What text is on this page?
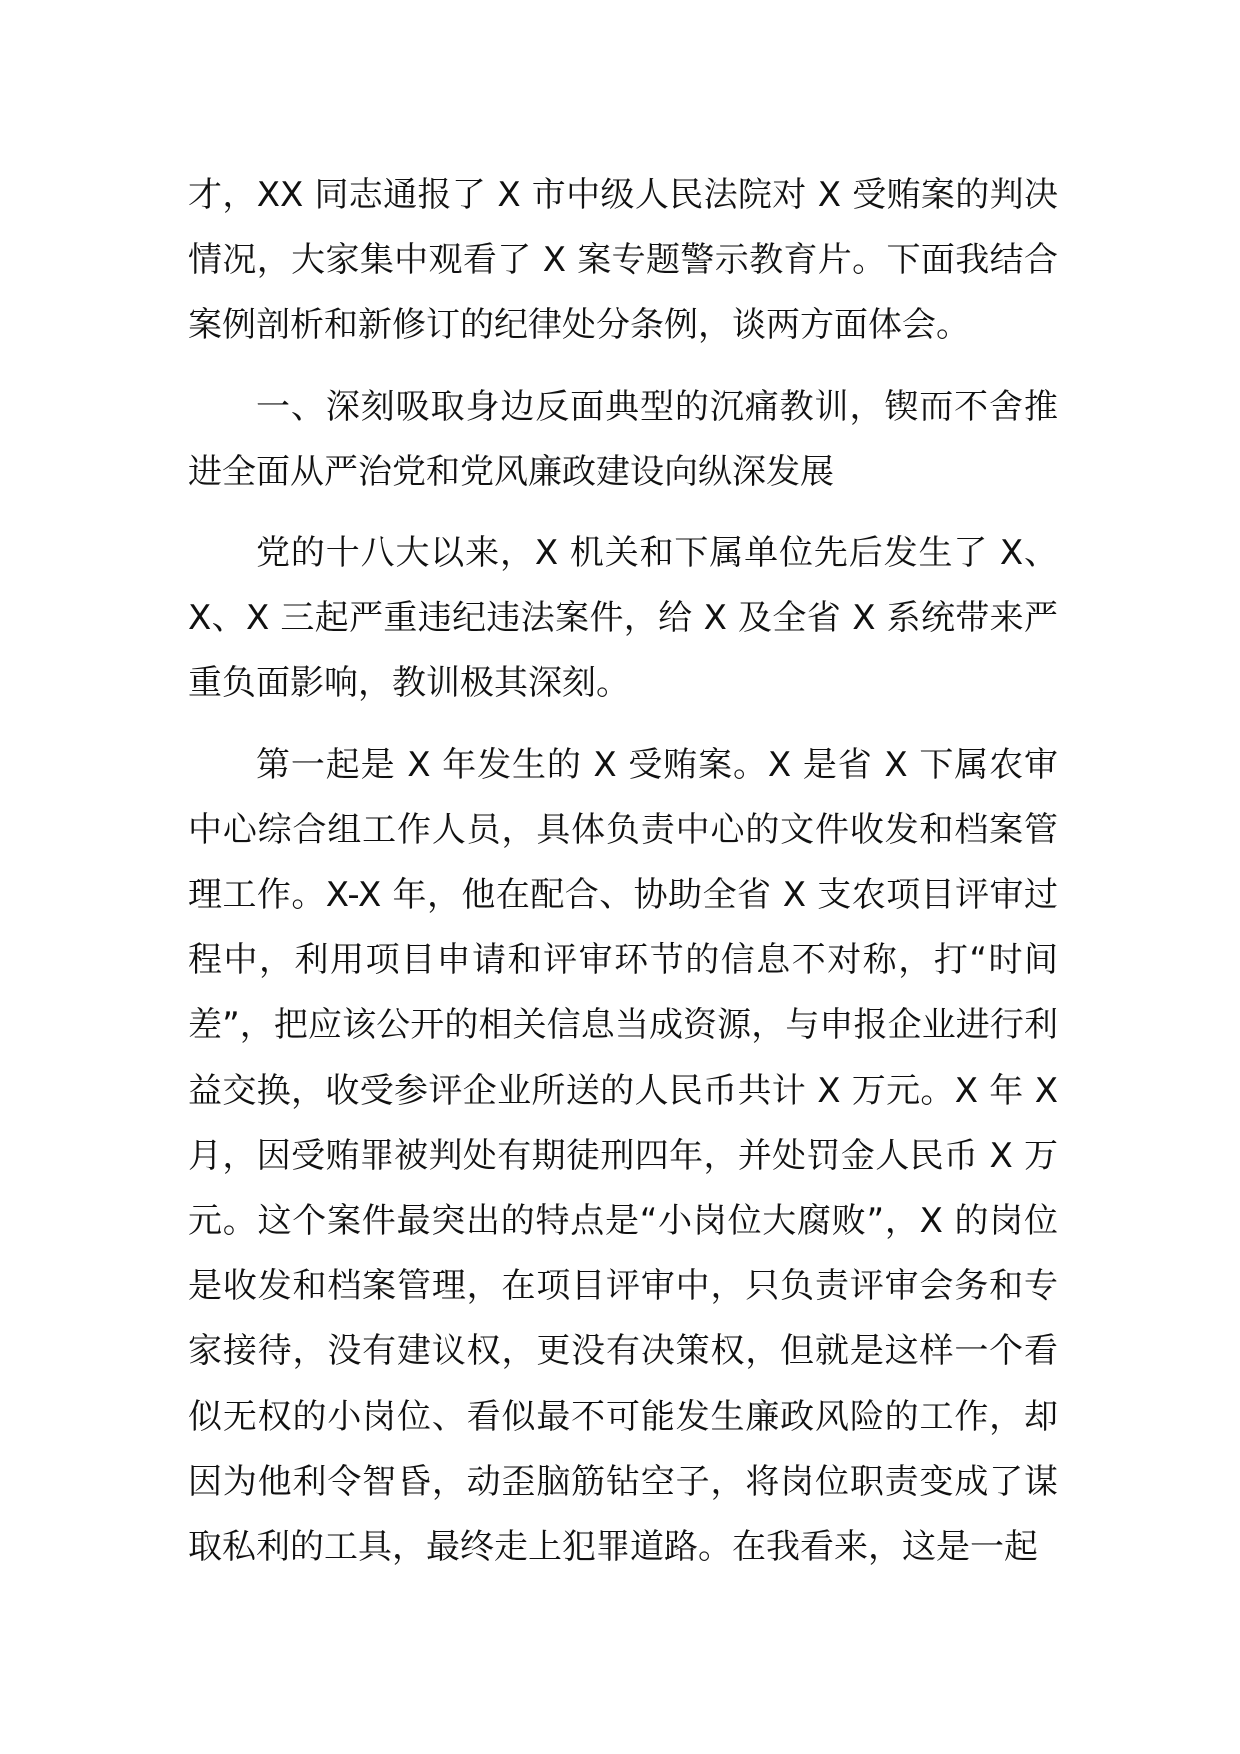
才，XX 同志通报了 X 市中级人民法院对 X 受贿案的判决情况，大家集中观看了 X 案专题警示教育片。下面我结合案例剖析和新修订的纪律处分条例，谈两方面体会。

一、深刻吸取身边反面典型的沉痛教训，锲而不舍推进全面从严治党和党风廉政建设向纵深发展

党的十八大以来，X 机关和下属单位先后发生了 X、X、X 三起严重违纪违法案件，给 X 及全省 X 系统带来严重负面影响，教训极其深刻。

第一起是 X 年发生的 X 受贿案。X 是省 X 下属农审中心综合组工作人员，具体负责中心的文件收发和档案管理工作。X-X 年，他在配合、协助全省 X 支农项目评审过程中，利用项目申请和评审环节的信息不对称，打“时间差”，把应该公开的相关信息当成资源，与申报企业进行利益交换，收受参评企业所送的人民币共计 X 万元。X 年 X 月，因受贿罪被判处有期徒刑四年，并处罚金人民币 X 万元。这个案件最突出的特点是“小岗位大腐败”，X 的岗位是收发和档案管理，在项目评审中，只负责评审会务和专家接待，没有建议权，更没有决策权，但就是这样一个看似无权的小岗位、看似最不可能发生廉政风险的工作，却因为他利令智昏，动歪脑筋钻空子，将岗位职责变成了谋取私利的工具，最终走上犯罪道路。在我看来，这是一起
